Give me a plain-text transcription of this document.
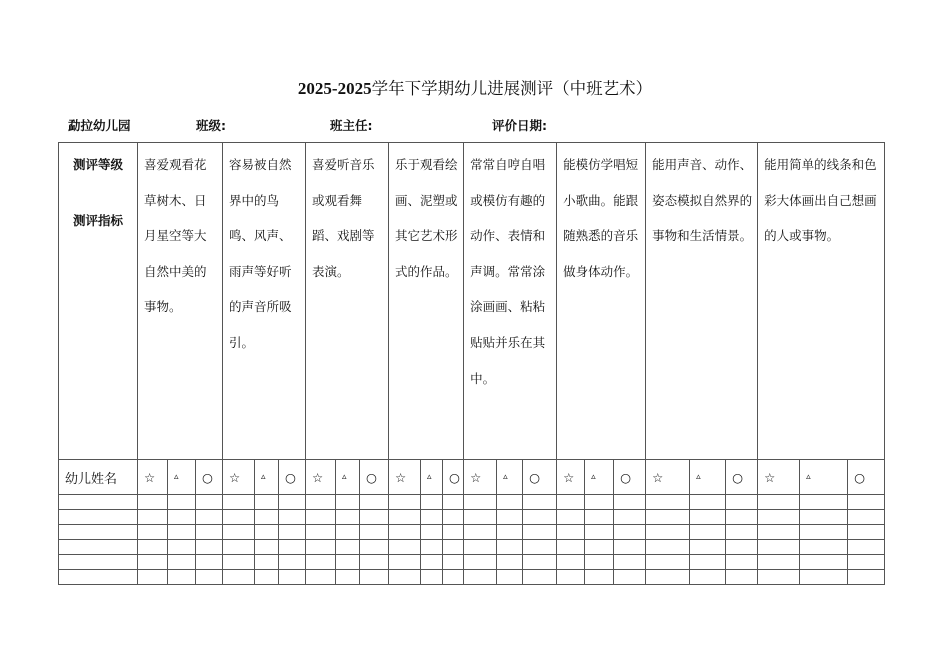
2025-2025学年下学期幼儿进展测评（中班艺术）
勐拉幼儿园	班级:	班主任:	评价日期:
测评等级
测评指标	喜爱观看花草树木、日月星空等大自然中美的事物。			容易被自然界中的鸟鸣、风声、雨声等好听的声音所吸引。			喜爱听音乐或观看舞蹈、戏剧等表演。			乐于观看绘画、泥塑或其它艺术形式的作品。			常常自哼自唱或模仿有趣的动作、表情和声调。常常涂涂画画、粘粘贴贴并乐在其中。			能模仿学唱短小歌曲。能跟随熟悉的音乐做身体动作。			能用声音、动作、姿态模拟自然界的事物和生活情景。			能用简单的线条和色彩大体画出自己想画的人或事物。		

幼儿姓名	☆	▵	○	☆	▵	○	☆	▵	○	☆	▵	○	☆	▵	○	☆	▵	○	☆	▵	○	☆	▵	○
